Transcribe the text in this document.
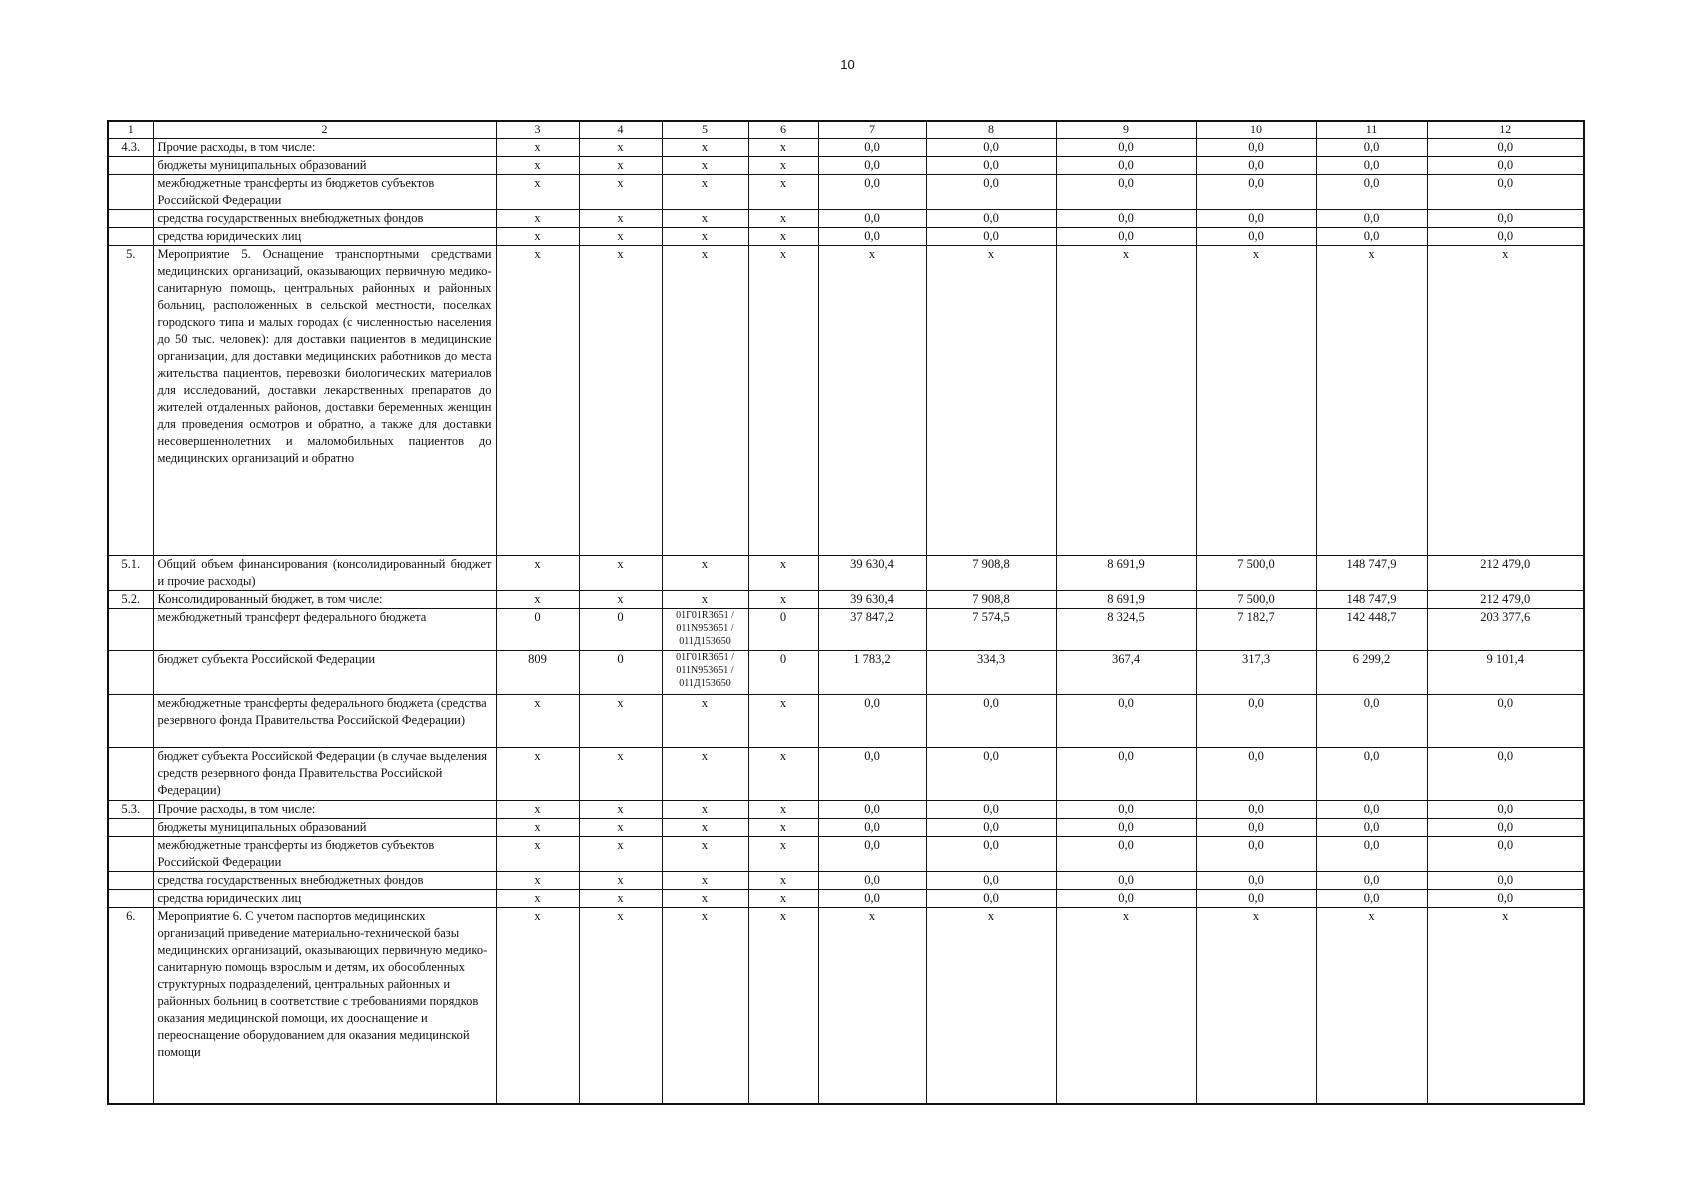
10
1	2	3	4	5	6	7	8	9	10	11	12
4.3.	Прочие расходы, в том числе:	x	x	x	x	0,0	0,0	0,0	0,0	0,0	0,0
	бюджеты муниципальных образований	x	x	x	x	0,0	0,0	0,0	0,0	0,0	0,0
	межбюджетные трансферты из бюджетов субъектов Российской Федерации	x	x	x	x	0,0	0,0	0,0	0,0	0,0	0,0
	средства государственных внебюджетных фондов	x	x	x	x	0,0	0,0	0,0	0,0	0,0	0,0
	средства юридических лиц	x	x	x	x	0,0	0,0	0,0	0,0	0,0	0,0
5.	Мероприятие 5. Оснащение транспортными средствами медицинских организаций, оказывающих первичную медико-санитарную помощь, центральных районных и районных больниц, расположенных в сельской местности, поселках городского типа и малых городах (с численностью населения до 50 тыс. человек): для доставки пациентов в медицинские организации, для доставки медицинских работников до места жительства пациентов, перевозки биологических материалов для исследований, доставки лекарственных препаратов до жителей отдаленных районов, доставки беременных женщин для проведения осмотров и обратно, а также для доставки несовершеннолетних и маломобильных пациентов до медицинских организаций и обратно	x	x	x	x	x	x	x	x	x	x
5.1.	Общий объем финансирования (консолидированный бюджет и прочие расходы)	x	x	x	x	39 630,4	7 908,8	8 691,9	7 500,0	148 747,9	212 479,0
5.2.	Консолидированный бюджет, в том числе:	x	x	x	x	39 630,4	7 908,8	8 691,9	7 500,0	148 747,9	212 479,0
	межбюджетный трансферт федерального бюджета	0	0	01Г01R3651 / 011N953651 / 011Д153650	0	37 847,2	7 574,5	8 324,5	7 182,7	142 448,7	203 377,6
	бюджет субъекта Российской Федерации	809	0	01Г01R3651 / 011N953651 / 011Д153650	0	1 783,2	334,3	367,4	317,3	6 299,2	9 101,4
	межбюджетные трансферты федерального бюджета (средства резервного фонда Правительства Российской Федерации)	x	x	x	x	0,0	0,0	0,0	0,0	0,0	0,0
	бюджет субъекта Российской Федерации (в случае выделения средств резервного фонда Правительства Российской Федерации)	x	x	x	x	0,0	0,0	0,0	0,0	0,0	0,0
5.3.	Прочие расходы, в том числе:	x	x	x	x	0,0	0,0	0,0	0,0	0,0	0,0
	бюджеты муниципальных образований	x	x	x	x	0,0	0,0	0,0	0,0	0,0	0,0
	межбюджетные трансферты из бюджетов субъектов Российской Федерации	x	x	x	x	0,0	0,0	0,0	0,0	0,0	0,0
	средства государственных внебюджетных фондов	x	x	x	x	0,0	0,0	0,0	0,0	0,0	0,0
	средства юридических лиц	x	x	x	x	0,0	0,0	0,0	0,0	0,0	0,0
6.	Мероприятие 6. С учетом паспортов медицинских организаций приведение материально-технической базы медицинских организаций, оказывающих первичную медико-санитарную помощь взрослым и детям, их обособленных структурных подразделений, центральных районных и районных больниц в соответствие с требованиями порядков оказания медицинской помощи, их дооснащение и переоснащение оборудованием для оказания медицинской помощи	x	x	x	x	x	x	x	x	x	x
